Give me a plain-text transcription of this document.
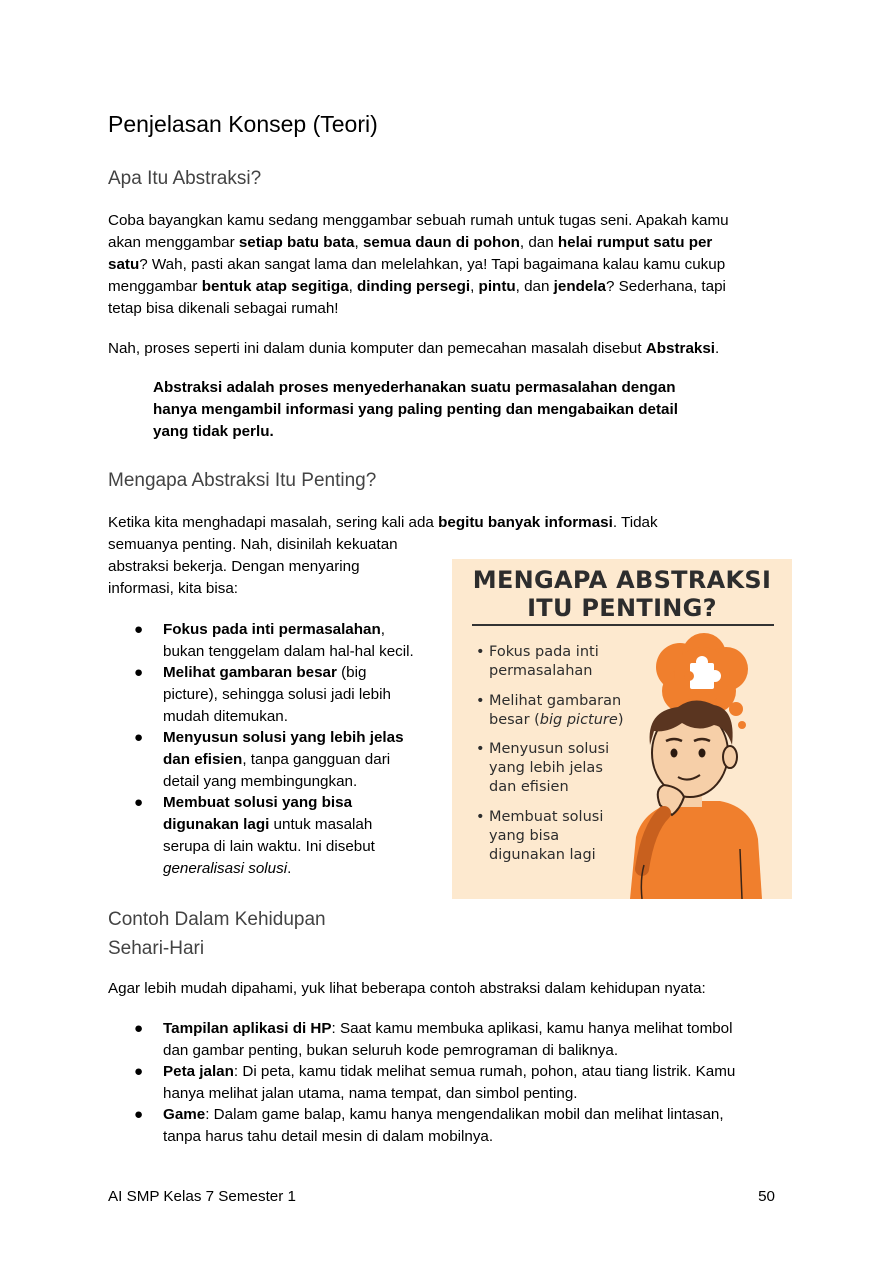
Penjelasan Konsep (Teori)
Apa Itu Abstraksi?
Coba bayangkan kamu sedang menggambar sebuah rumah untuk tugas seni. Apakah kamu
akan menggambar setiap batu bata, semua daun di pohon, dan helai rumput satu per
satu? Wah, pasti akan sangat lama dan melelahkan, ya! Tapi bagaimana kalau kamu cukup
menggambar bentuk atap segitiga, dinding persegi, pintu, dan jendela? Sederhana, tapi
tetap bisa dikenali sebagai rumah!
Nah, proses seperti ini dalam dunia komputer dan pemecahan masalah disebut Abstraksi.
Abstraksi adalah proses menyederhanakan suatu permasalahan dengan
hanya mengambil informasi yang paling penting dan mengabaikan detail
yang tidak perlu.
Mengapa Abstraksi Itu Penting?
Ketika kita menghadapi masalah, sering kali ada begitu banyak informasi. Tidak
semuanya penting. Nah, disinilah kekuatan
abstraksi bekerja. Dengan menyaring
informasi, kita bisa:
● Fokus pada inti permasalahan,
bukan tenggelam dalam hal-hal kecil.
● Melihat gambaran besar (big
picture), sehingga solusi jadi lebih
mudah ditemukan.
● Menyusun solusi yang lebih jelas
dan efisien, tanpa gangguan dari
detail yang membingungkan.
● Membuat solusi yang bisa
digunakan lagi untuk masalah
serupa di lain waktu. Ini disebut
generalisasi solusi.
MENGAPA ABSTRAKSI
ITU PENTING?
• Fokus pada inti
permasalahan
• Melihat gambaran
besar (big picture)
• Menyusun solusi
yang lebih jelas
dan efisien
• Membuat solusi
yang bisa
digunakan lagi
Contoh Dalam Kehidupan
Sehari-Hari
Agar lebih mudah dipahami, yuk lihat beberapa contoh abstraksi dalam kehidupan nyata:
● Tampilan aplikasi di HP: Saat kamu membuka aplikasi, kamu hanya melihat tombol
dan gambar penting, bukan seluruh kode pemrograman di baliknya.
● Peta jalan: Di peta, kamu tidak melihat semua rumah, pohon, atau tiang listrik. Kamu
hanya melihat jalan utama, nama tempat, dan simbol penting.
● Game: Dalam game balap, kamu hanya mengendalikan mobil dan melihat lintasan,
tanpa harus tahu detail mesin di dalam mobilnya.
AI SMP Kelas 7 Semester 1	50
